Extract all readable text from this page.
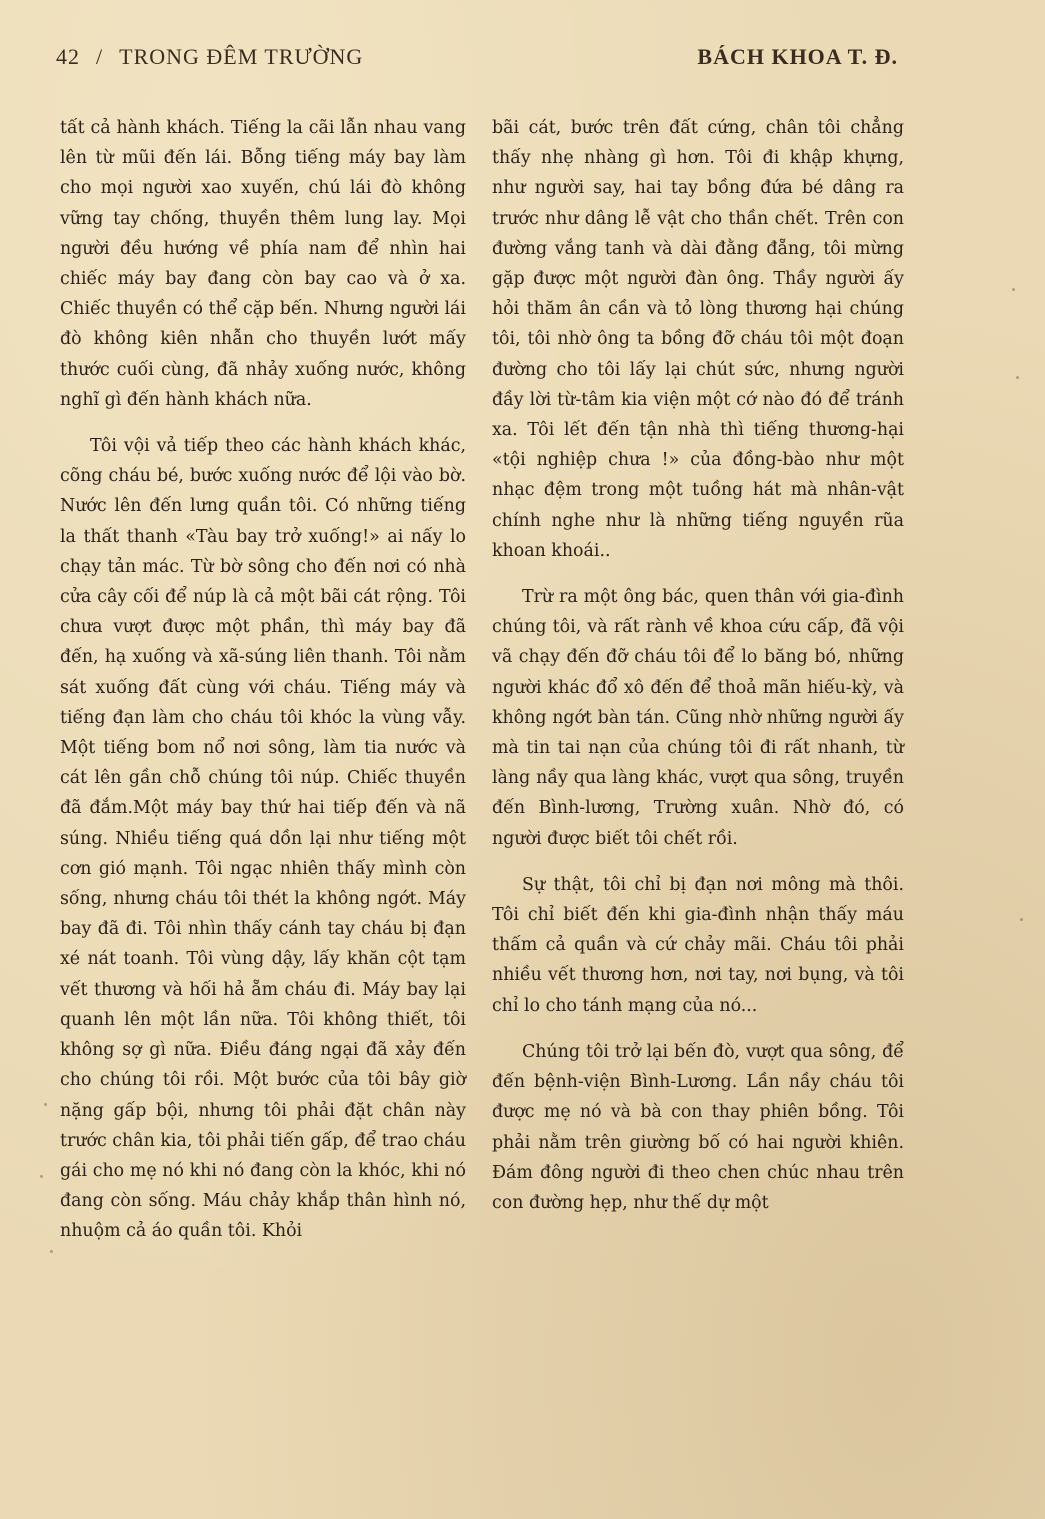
42 / TRONG ĐÊM TRƯỜNG	BÁCH KHOA T. Đ.

tất cả hành khách. Tiếng la cãi lẫn nhau vang lên từ mũi đến lái. Bỗng tiếng máy bay làm cho mọi người xao xuyến, chú lái đò không vững tay chống, thuyền thêm lung lay. Mọi người đều hướng về phía nam để nhìn hai chiếc máy bay đang còn bay cao và ở xa. Chiếc thuyền có thể cặp bến. Nhưng người lái đò không kiên nhẫn cho thuyền lướt mấy thước cuối cùng, đã nhảy xuống nước, không nghĩ gì đến hành khách nữa.

Tôi vội vả tiếp theo các hành khách khác, cõng cháu bé, bước xuống nước để lội vào bờ. Nước lên đến lưng quần tôi. Có những tiếng la thất thanh «Tàu bay trở xuống!» ai nấy lo chạy tản mác. Từ bờ sông cho đến nơi có nhà cửa cây cối để núp là cả một bãi cát rộng. Tôi chưa vượt được một phần, thì máy bay đã đến, hạ xuống và xã-súng liên thanh. Tôi nằm sát xuống đất cùng với cháu. Tiếng máy và tiếng đạn làm cho cháu tôi khóc la vùng vẫy. Một tiếng bom nổ nơi sông, làm tia nước và cát lên gần chỗ chúng tôi núp. Chiếc thuyền đã đắm.Một máy bay thứ hai tiếp đến và nã súng. Nhiều tiếng quá dồn lại như tiếng một cơn gió mạnh. Tôi ngạc nhiên thấy mình còn sống, nhưng cháu tôi thét la không ngớt. Máy bay đã đi. Tôi nhìn thấy cánh tay cháu bị đạn xé nát toanh. Tôi vùng dậy, lấy khăn cột tạm vết thương và hối hả ẵm cháu đi. Máy bay lại quanh lên một lần nữa. Tôi không thiết, tôi không sợ gì nữa. Điều đáng ngại đã xảy đến cho chúng tôi rồi. Một bước của tôi bây giờ nặng gấp bội, nhưng tôi phải đặt chân này trước chân kia, tôi phải tiến gấp, để trao cháu gái cho mẹ nó khi nó đang còn la khóc, khi nó đang còn sống. Máu chảy khắp thân hình nó, nhuộm cả áo quần tôi. Khỏi

bãi cát, bước trên đất cứng, chân tôi chẳng thấy nhẹ nhàng gì hơn. Tôi đi khập khựng, như người say, hai tay bồng đứa bé dâng ra trước như dâng lễ vật cho thần chết. Trên con đường vắng tanh và dài đằng đẵng, tôi mừng gặp được một người đàn ông. Thầy người ấy hỏi thăm ân cần và tỏ lòng thương hại chúng tôi, tôi nhờ ông ta bồng đỡ cháu tôi một đoạn đường cho tôi lấy lại chút sức, nhưng người đầy lời từ-tâm kia viện một cớ nào đó để tránh xa. Tôi lết đến tận nhà thì tiếng thương-hại «tội nghiệp chưa !» của đồng-bào như một nhạc đệm trong một tuồng hát mà nhân-vật chính nghe như là những tiếng nguyền rũa khoan khoái..

Trừ ra một ông bác, quen thân với gia-đình chúng tôi, và rất rành về khoa cứu cấp, đã vội vã chạy đến đỡ cháu tôi để lo băng bó, những người khác đổ xô đến để thoả mãn hiếu-kỳ, và không ngớt bàn tán. Cũng nhờ những người ấy mà tin tai nạn của chúng tôi đi rất nhanh, từ làng nầy qua làng khác, vượt qua sông, truyền đến Bình-lương, Trường xuân. Nhờ đó, có người được biết tôi chết rồi.

Sự thật, tôi chỉ bị đạn nơi mông mà thôi. Tôi chỉ biết đến khi gia-đình nhận thấy máu thấm cả quần và cứ chảy mãi. Cháu tôi phải nhiều vết thương hơn, nơi tay, nơi bụng, và tôi chỉ lo cho tánh mạng của nó...

Chúng tôi trở lại bến đò, vượt qua sông, để đến bệnh-viện Bình-Lương. Lần nầy cháu tôi được mẹ nó và bà con thay phiên bồng. Tôi phải nằm trên giường bố có hai người khiên. Đám đông người đi theo chen chúc nhau trên con đường hẹp, như thế dự một
